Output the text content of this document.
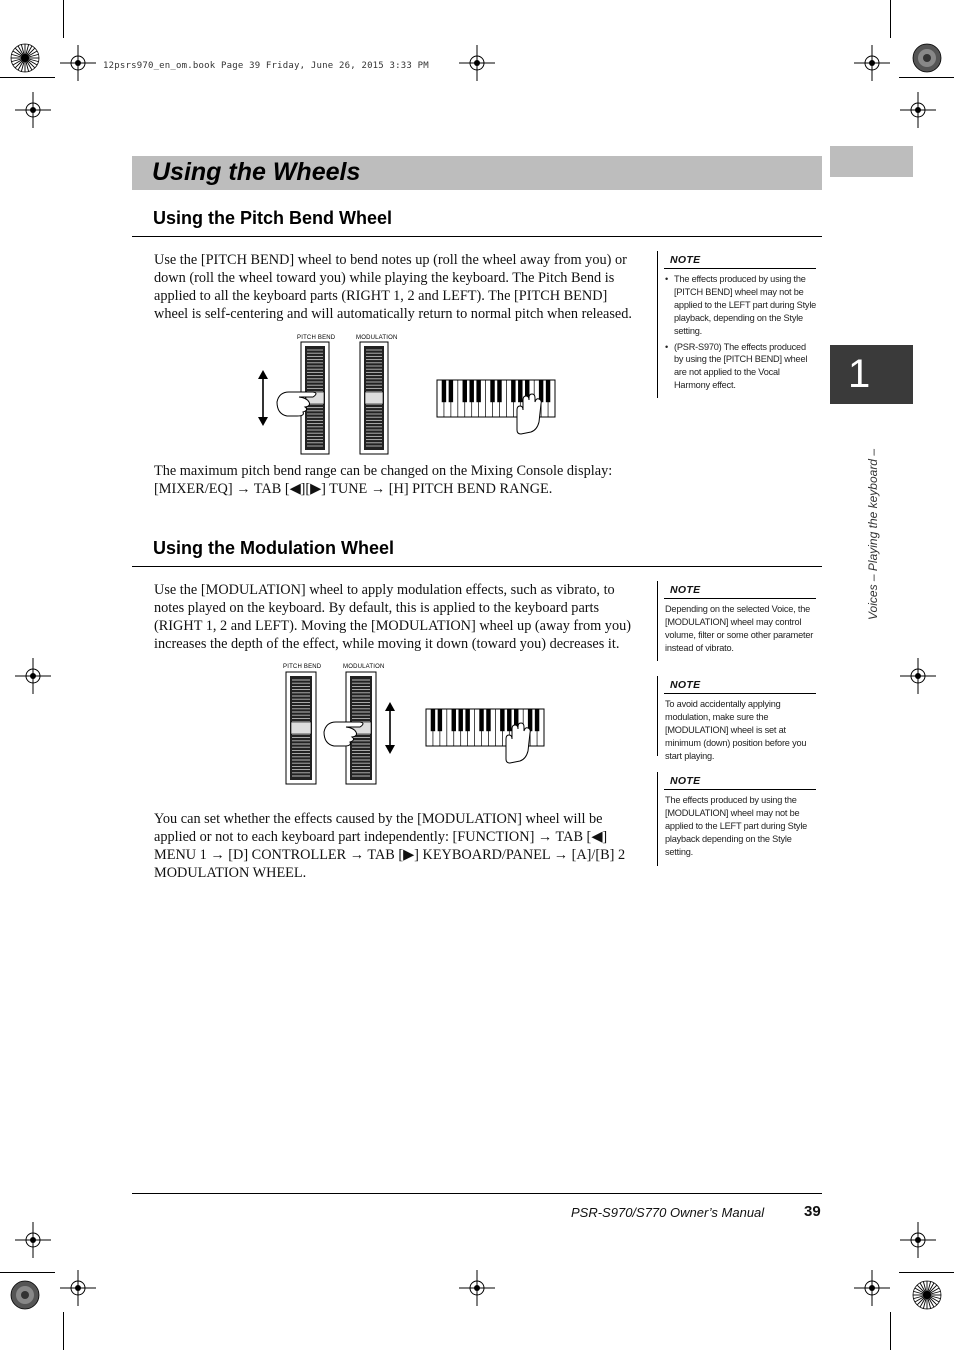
12psrs970_en_om.book Page 39 Friday, June 26, 2015 3:33 PM
Using the Wheels
1
Voices – Playing the keyboard –
Using the Pitch Bend Wheel

Use the [PITCH BEND] wheel to bend notes up (roll the wheel away from you) or down (roll the wheel toward you) while playing the keyboard. The Pitch Bend is applied to all the keyboard parts (RIGHT 1, 2 and LEFT). The [PITCH BEND] wheel is self-centering and will automatically return to normal pitch when released.

PITCH BEND	MODULATION

The maximum pitch bend range can be changed on the Mixing Console display:

[MIXER/EQ] → TAB [◀][▶] TUNE → [H] PITCH BEND RANGE.

NOTE
• The effects produced by using the [PITCH BEND] wheel may not be applied to the LEFT part during Style playback, depending on the Style setting.
• (PSR-S970) The effects produced by using the [PITCH BEND] wheel are not applied to the Vocal Harmony effect.
Using the Modulation Wheel

Use the [MODULATION] wheel to apply modulation effects, such as vibrato, to notes played on the keyboard. By default, this is applied to the keyboard parts (RIGHT 1, 2 and LEFT). Moving the [MODULATION] wheel up (away from you) increases the depth of the effect, while moving it down (toward you) decreases it.

PITCH BEND	MODULATION

You can set whether the effects caused by the [MODULATION] wheel will be applied or not to each keyboard part independently: [FUNCTION] → TAB [◀] MENU 1 → [D] CONTROLLER → TAB [▶] KEYBOARD/PANEL → [A]/[B] 2 MODULATION WHEEL.

NOTE
Depending on the selected Voice, the [MODULATION] wheel may control volume, filter or some other parameter instead of vibrato.
NOTE
To avoid accidentally applying modulation, make sure the [MODULATION] wheel is set at minimum (down) position before you start playing.
NOTE
The effects produced by using the [MODULATION] wheel may not be applied to the LEFT part during Style playback depending on the Style setting.
PSR-S970/S770 Owner’s Manual	39
